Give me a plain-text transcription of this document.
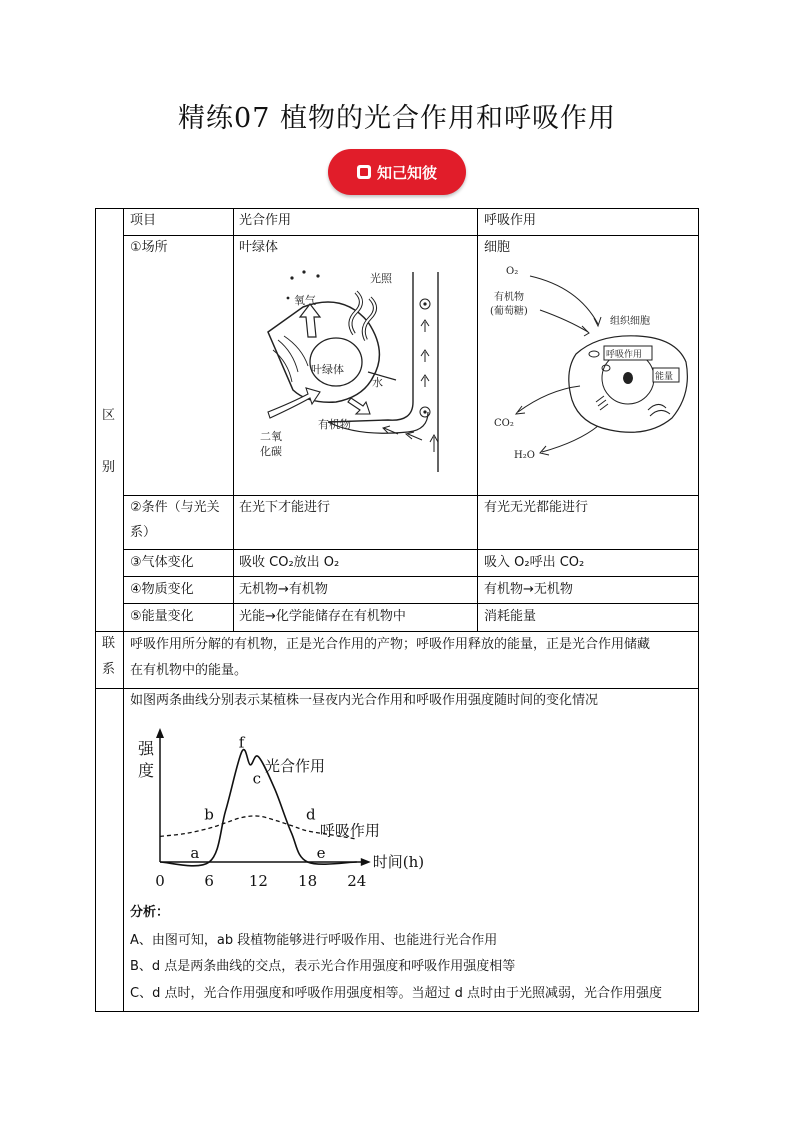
精练07 植物的光合作用和呼吸作用
知己知彼
区
别
联
系
项目	光合作用	呼吸作用
①场所	叶绿体	细胞
②条件（与光关
系）
在光下才能进行	有光无光都能进行
③气体变化	吸收 CO₂放出 O₂	吸入 O₂呼出 CO₂
④物质变化	无机物→有机物	有机物→无机物
⑤能量变化	光能→化学能储存在有机物中	消耗能量
呼吸作用所分解的有机物，正是光合作用的产物；呼吸作用释放的能量，正是光合作用储藏
在有机物中的能量。
如图两条曲线分别表示某植株一昼夜内光合作用和呼吸作用强度随时间的变化情况
分析：
A、由图可知，ab 段植物能够进行呼吸作用、也能进行光合作用
B、d 点是两条曲线的交点，表示光合作用强度和呼吸作用强度相等
C、d 点时，光合作用强度和呼吸作用强度相等。当超过 d 点时由于光照减弱，光合作用强度
叶绿体
氧气
光照
水
二氧
化碳
有机物
O₂
有机物
(葡萄糖)
组织细胞
呼吸作用
能量
CO₂
H₂O
强
度
时间(h)
0	6 12 18 24
光合作用
呼吸作用
a
b
c
d
e
f
